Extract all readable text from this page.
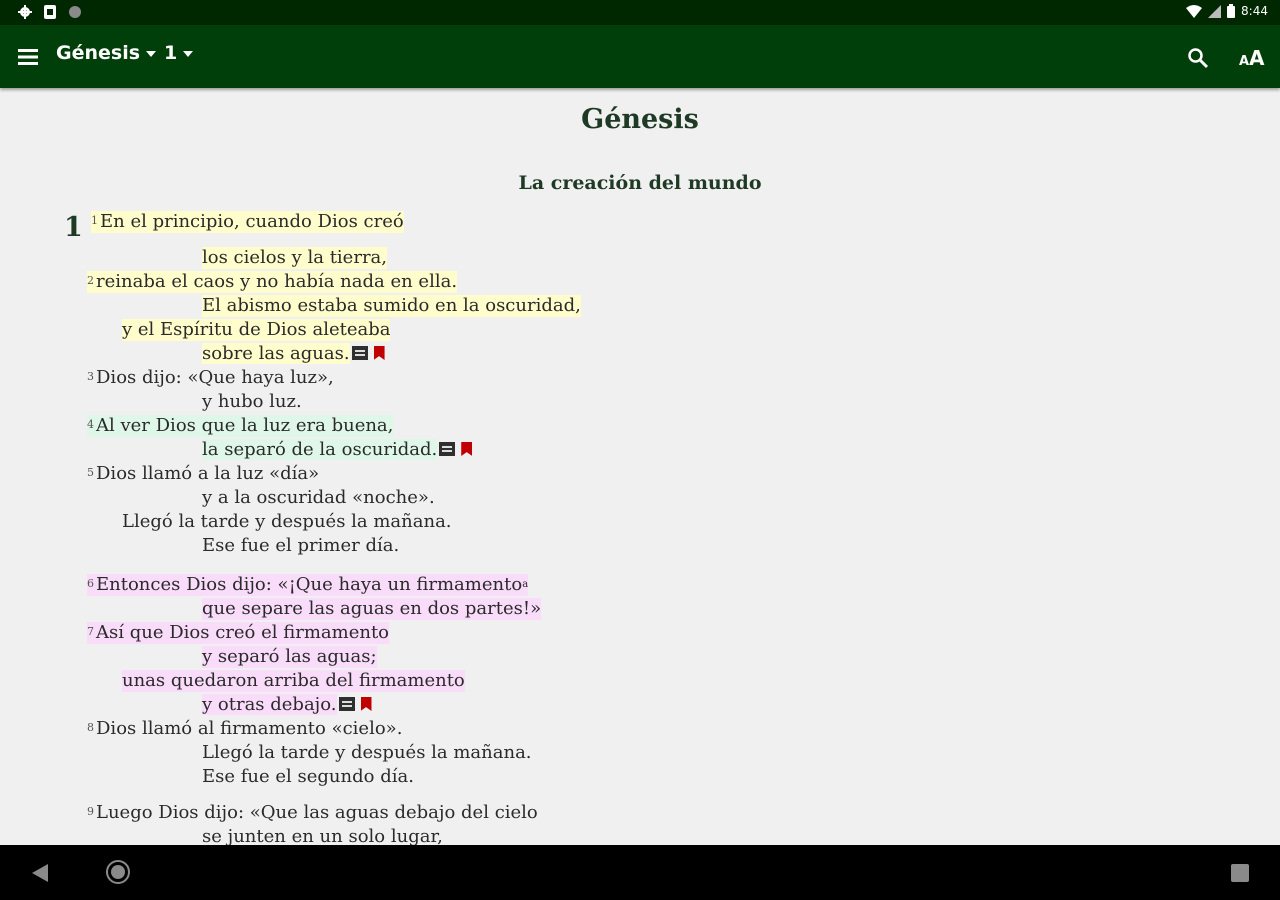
8:44
Génesis 1	A A
Génesis
La creación del mundo
1 $^1$ En el principio, cuando Dios creó
los cielos y la tierra,
$^2$ reinaba el caos y no había nada en ella.
El abismo estaba sumido en la oscuridad,
y el Espíritu de Dios aleteaba
sobre las aguas.
$^3$ Dios dijo: «Que haya luz»,
y hubo luz.
$^4$ Al ver Dios que la luz era buena,
la separó de la oscuridad.
$^5$ Dios llamó a la luz «día»
y a la oscuridad «noche».
Llegó la tarde y después la mañana.
Ese fue el primer día.
$^6$ Entonces Dios dijo: «¡Que haya un firmamento$^a$
que separe las aguas en dos partes!»
$^7$ Así que Dios creó el firmamento
y separó las aguas;
unas quedaron arriba del firmamento
y otras debajo.
$^8$ Dios llamó al firmamento «cielo».
Llegó la tarde y después la mañana.
Ese fue el segundo día.
$^9$ Luego Dios dijo: «Que las aguas debajo del cielo
se junten en un solo lugar,
